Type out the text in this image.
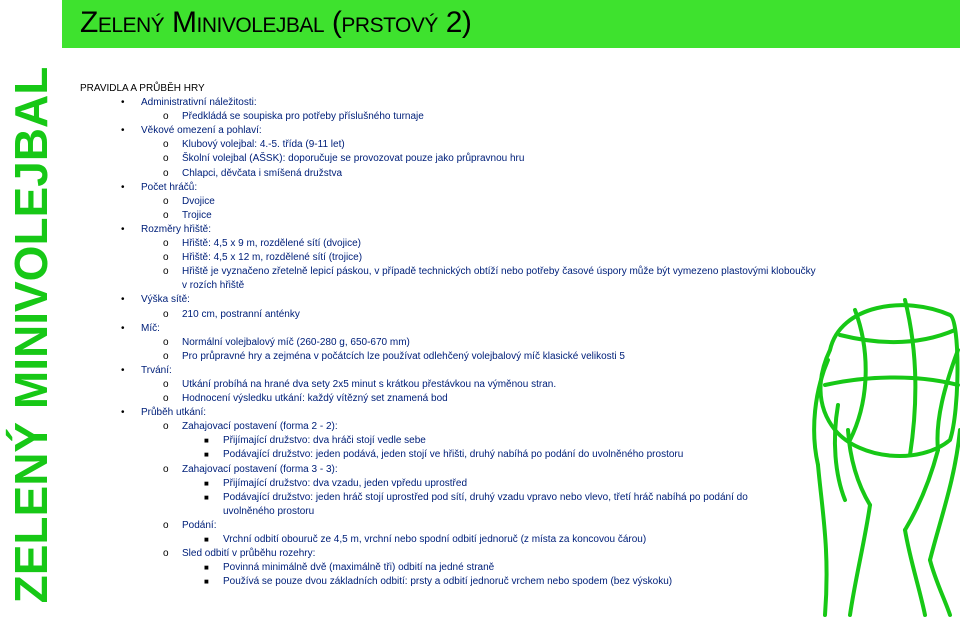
Zelený Minivolejbal (prstový 2)
ZELENÝ MINIVOLEJBAL PRAVIDLA A PRŮBĚH HRY
• Administrativní náležitosti:
o Předkládá se soupiska pro potřeby příslušného turnaje
• Věkové omezení a pohlaví:
o Klubový volejbal: 4.-5. třída (9-11 let)
o Školní volejbal (AŠSK): doporučuje se provozovat pouze jako průpravnou hru
o Chlapci, děvčata i smíšená družstva
• Počet hráčů:
o Dvojice
o Trojice
• Rozměry hřiště:
o Hřiště: 4,5 x 9 m, rozdělené sítí (dvojice)
o Hřiště: 4,5 x 12 m, rozdělené sítí (trojice)
o Hřiště je vyznačeno zřetelně lepicí páskou, v případě technických obtíží nebo potřeby časové úspory může být vymezeno plastovými kloboučky
v rozích hřiště
• Výška sítě:
o 210 cm, postranní anténky
• Míč:
o Normální volejbalový míč (260-280 g, 650-670 mm)
o Pro průpravné hry a zejména v počátcích lze používat odlehčený volejbalový míč klasické velikosti 5
• Trvání:
o Utkání probíhá na hrané dva sety 2x5 minut s krátkou přestávkou na výměnou stran.
o Hodnocení výsledku utkání: každý vítězný set znamená bod
• Průběh utkání:
o Zahajovací postavení (forma 2 - 2):
■ Přijímající družstvo: dva hráči stojí vedle sebe
■ Podávající družstvo: jeden podává, jeden stojí ve hřišti, druhý nabíhá po podání do uvolněného prostoru
o Zahajovací postavení (forma 3 - 3):
■ Přijímající družstvo: dva vzadu, jeden vpředu uprostřed
■ Podávající družstvo: jeden hráč stojí uprostřed pod sítí, druhý vzadu vpravo nebo vlevo, třetí hráč nabíhá po podání do
uvolněného prostoru
o Podání:
■ Vrchní odbití obouruč ze 4,5 m, vrchní nebo spodní odbití jednoruč (z místa za koncovou čárou)
o Sled odbití v průběhu rozehry:
■ Povinná minimálně dvě (maximálně tři) odbití na jedné straně
■ Používá se pouze dvou základních odbití: prsty a odbití jednoruč vrchem nebo spodem (bez výskoku)
